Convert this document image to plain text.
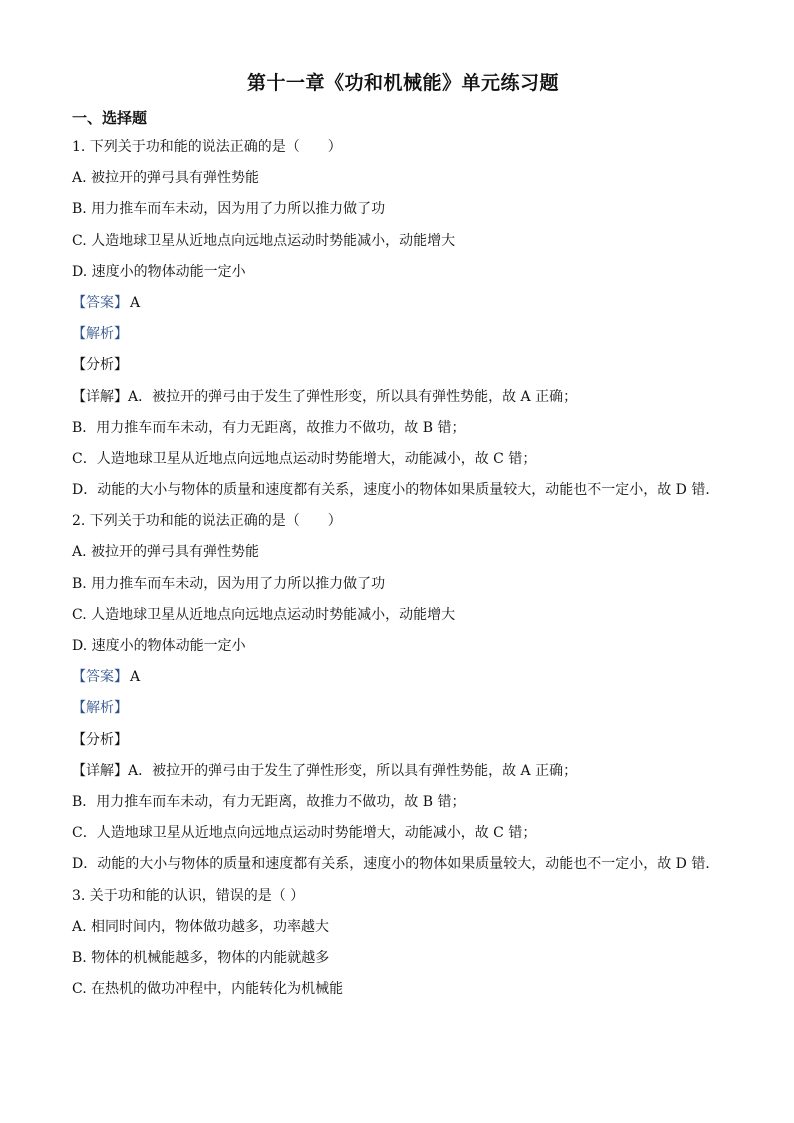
第十一章《功和机械能》单元练习题
一、选择题

1. 下列关于功和能的说法正确的是（　　）

A. 被拉开的弹弓具有弹性势能

B. 用力推车而车未动，因为用了力所以推力做了功

C. 人造地球卫星从近地点向远地点运动时势能减小，动能增大

D. 速度小的物体动能一定小

【答案】 A

【解析】

【分析】

【详解】A．被拉开的弹弓由于发生了弹性形变，所以具有弹性势能，故 A 正确；

B．用力推车而车未动，有力无距离，故推力不做功，故 B 错；

C．人造地球卫星从近地点向远地点运动时势能增大，动能减小，故 C 错；

D．动能的大小与物体的质量和速度都有关系，速度小的物体如果质量较大，动能也不一定小，故 D 错．

2. 下列关于功和能的说法正确的是（　　）

A. 被拉开的弹弓具有弹性势能

B. 用力推车而车未动，因为用了力所以推力做了功

C. 人造地球卫星从近地点向远地点运动时势能减小，动能增大

D. 速度小的物体动能一定小

【答案】 A

【解析】

【分析】

【详解】A．被拉开的弹弓由于发生了弹性形变，所以具有弹性势能，故 A 正确；

B．用力推车而车未动，有力无距离，故推力不做功，故 B 错；

C．人造地球卫星从近地点向远地点运动时势能增大，动能减小，故 C 错；

D．动能的大小与物体的质量和速度都有关系，速度小的物体如果质量较大，动能也不一定小，故 D 错．

3. 关于功和能的认识，错误的是（ ）

A. 相同时间内，物体做功越多，功率越大

B. 物体的机械能越多，物体的内能就越多

C. 在热机的做功冲程中，内能转化为机械能
